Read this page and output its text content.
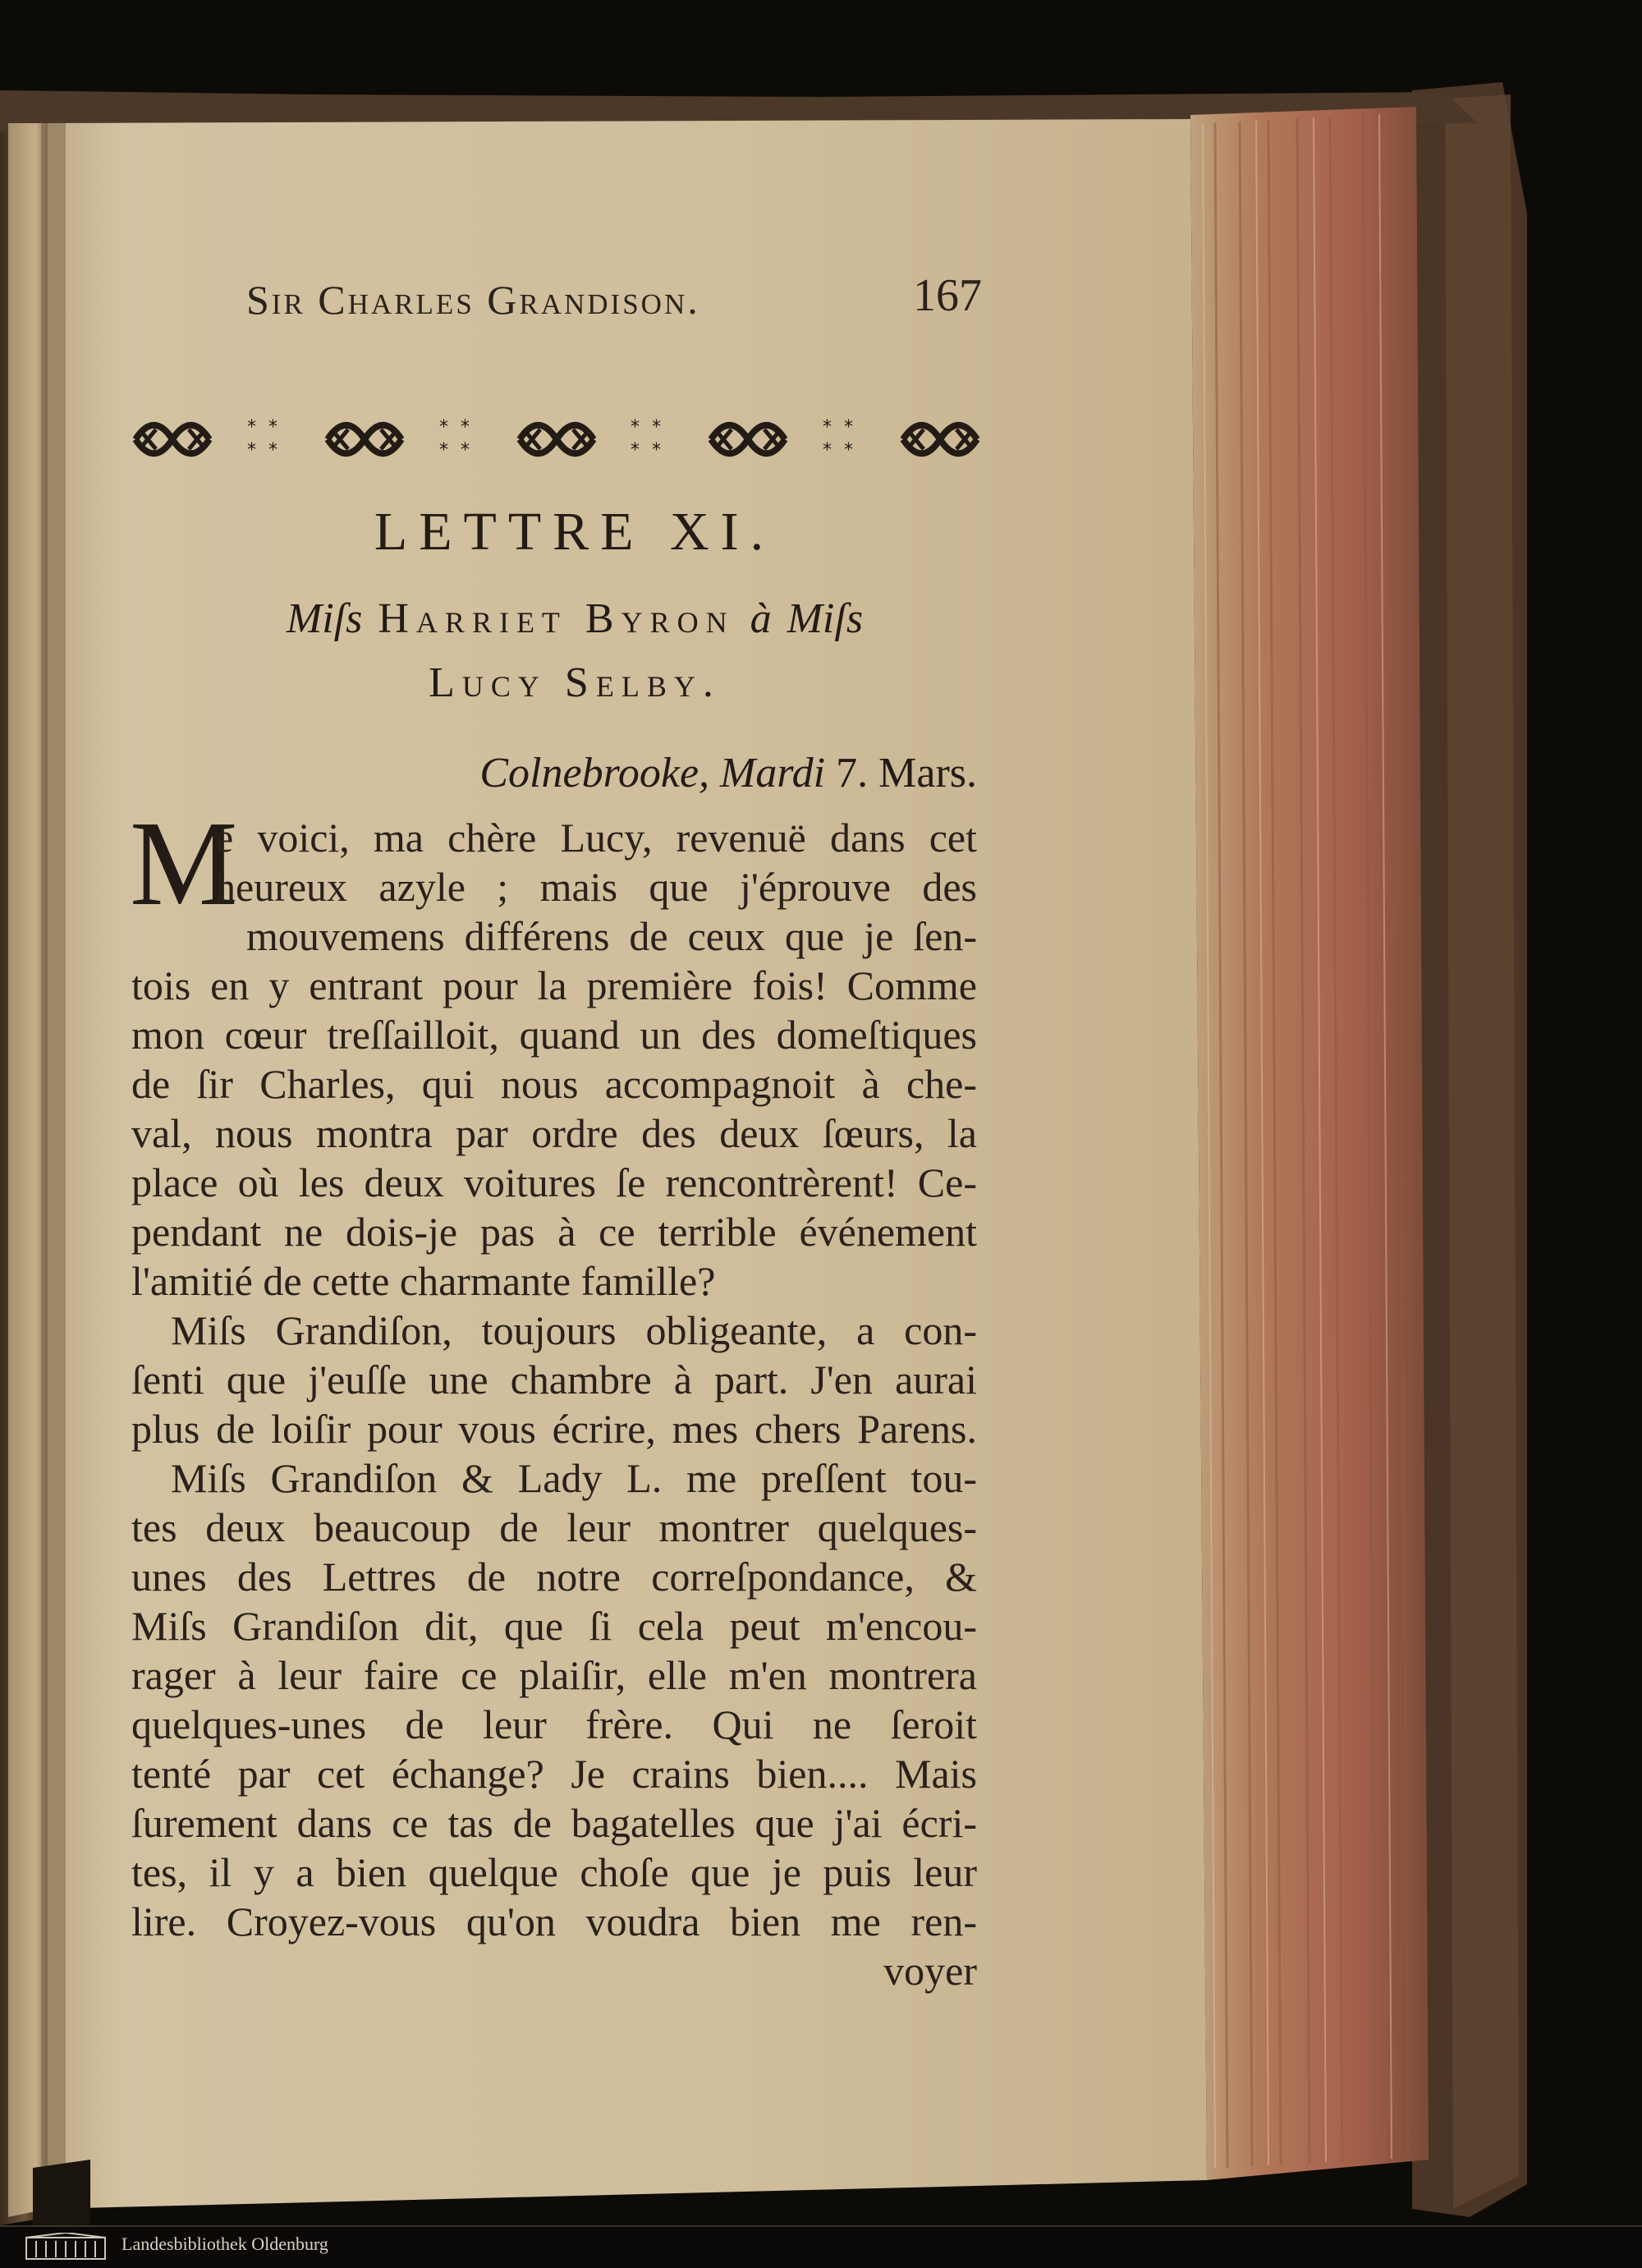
Sir Charles Grandison.	167
* *
* *
* *
* *
* *
* *
* *
* *
LETTRE XI.
Miſs Harriet Byron à Miſs
Lucy Selby.
Colnebrooke, Mardi 7. Mars.
M
e voici, ma chère Lucy, revenuë dans cet
heureux azyle ; mais que j'éprouve des
mouvemens différens de ceux que je ſen-
tois en y entrant pour la première fois! Comme
mon cœur treſſailloit, quand un des domeſtiques
de ſir Charles, qui nous accompagnoit à che-
val, nous montra par ordre des deux ſœurs, la
place où les deux voitures ſe rencontrèrent! Ce-
pendant ne dois-je pas à ce terrible événement
l'amitié de cette charmante famille?
Miſs Grandiſon, toujours obligeante, a con-
ſenti que j'euſſe une chambre à part. J'en aurai
plus de loiſir pour vous écrire, mes chers Parens.
Miſs Grandiſon & Lady L. me preſſent tou-
tes deux beaucoup de leur montrer quelques-
unes des Lettres de notre correſpondance, &
Miſs Grandiſon dit, que ſi cela peut m'encou-
rager à leur faire ce plaiſir, elle m'en montrera
quelques-unes de leur frère. Qui ne ſeroit
tenté par cet échange? Je crains bien.... Mais
ſurement dans ce tas de bagatelles que j'ai écri-
tes, il y a bien quelque choſe que je puis leur
lire. Croyez-vous qu'on voudra bien me ren-
voyer
Landesbibliothek Oldenburg
